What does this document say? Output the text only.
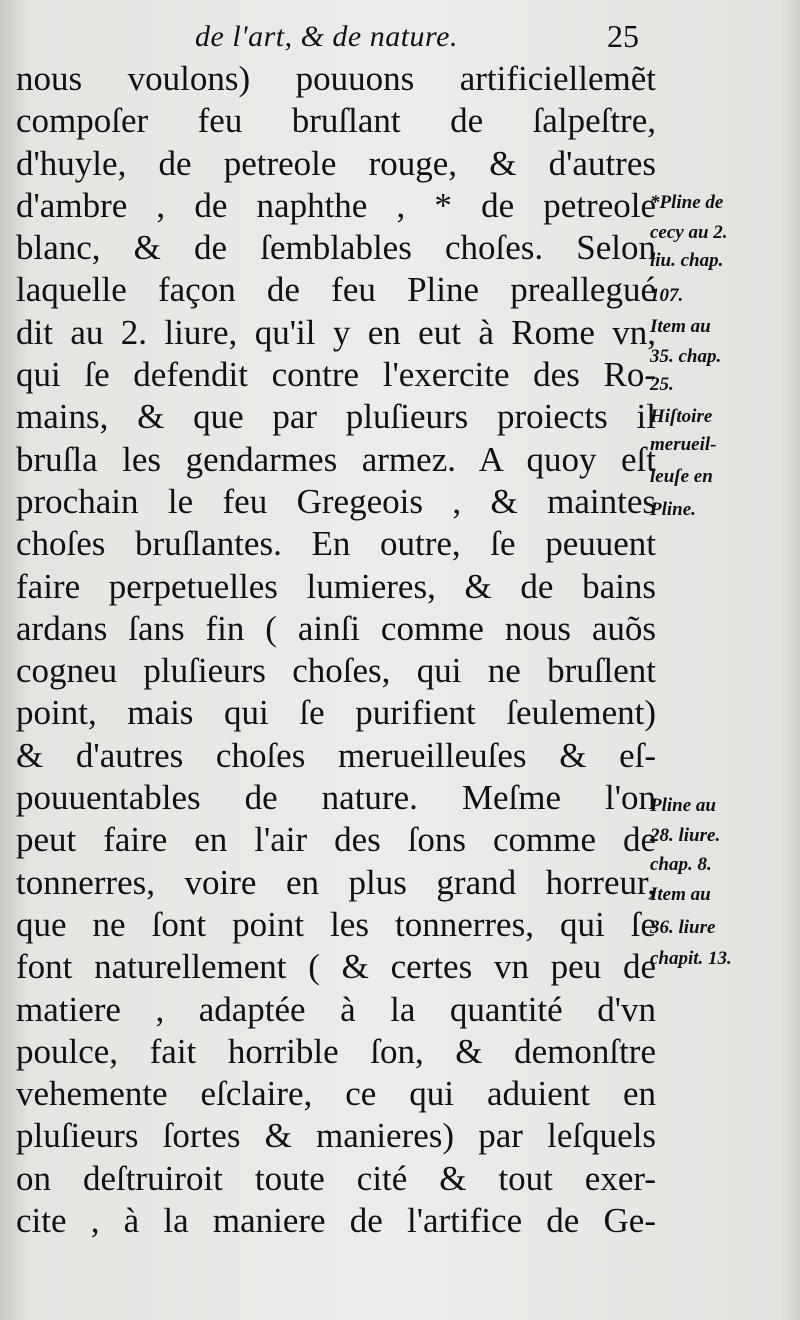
de l'art, & de nature.	25
nous voulons) pouuons artificiellemẽt
compoſer feu bruſlant de ſalpeſtre,
d'huyle, de petreole rouge, & d'autres
d'ambre , de naphthe , * de petreole
blanc, & de ſemblables choſes. Selon
laquelle façon de feu Pline preallegué
dit au 2. liure, qu'il y en eut à Rome vn,
qui ſe defendit contre l'exercite des Ro-
mains, & que par pluſieurs proiects il
bruſla les gendarmes armez. A quoy eſt
prochain le feu Gregeois , & maintes
choſes bruſlantes. En outre, ſe peuuent
faire perpetuelles lumieres, & de bains
ardans ſans fin ( ainſi comme nous auõs
cogneu pluſieurs choſes, qui ne bruſlent
point, mais qui ſe purifient ſeulement)
& d'autres choſes merueilleuſes & eſ-
pouuentables de nature. Meſme l'on
peut faire en l'air des ſons comme de
tonnerres, voire en plus grand horreur,
que ne ſont point les tonnerres, qui ſe
font naturellement ( & certes vn peu de
matiere , adaptée à la quantité d'vn
poulce, fait horrible ſon, & demonſtre
vehemente eſclaire, ce qui aduient en
pluſieurs ſortes & manieres) par leſquels
on deſtruiroit toute cité & tout exer-
cite , à la maniere de l'artifice de Ge-
*Pline de
cecy au 2.
liu. chap.
107.
Item au
35. chap.
25.
Hiſtoire
merueil-
leuſe en
Pline.
Pline au
28. liure.
chap. 8.
Item au
36. liure
chapit. 13.
